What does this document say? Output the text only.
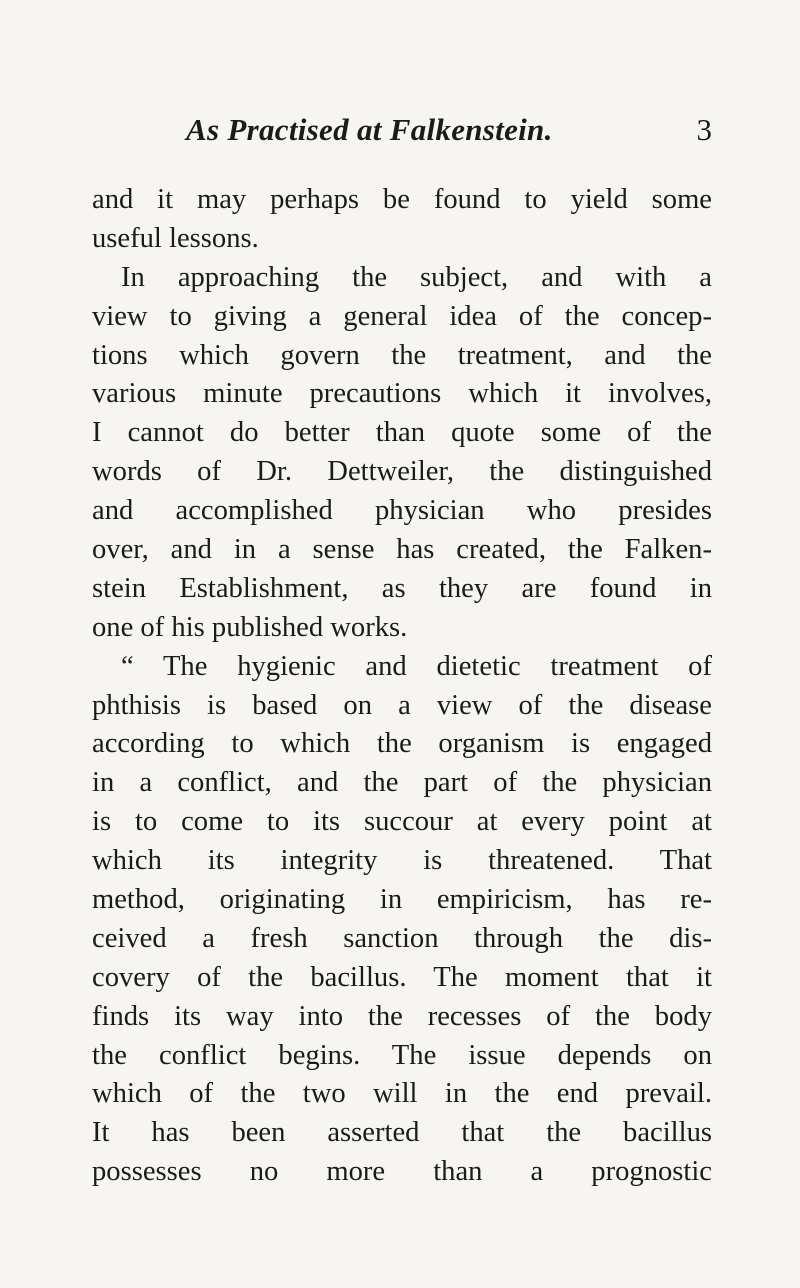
As Practised at Falkenstein.	3
and it may perhaps be found to yield some
useful lessons.
In approaching the subject, and with a
view to giving a general idea of the concep-
tions which govern the treatment, and the
various minute precautions which it involves,
I cannot do better than quote some of the
words of Dr. Dettweiler, the distinguished
and accomplished physician who presides
over, and in a sense has created, the Falken-
stein Establishment, as they are found in
one of his published works.
“ The hygienic and dietetic treatment of
phthisis is based on a view of the disease
according to which the organism is engaged
in a conflict, and the part of the physician
is to come to its succour at every point at
which its integrity is threatened. That
method, originating in empiricism, has re-
ceived a fresh sanction through the dis-
covery of the bacillus. The moment that it
finds its way into the recesses of the body
the conflict begins. The issue depends on
which of the two will in the end prevail.
It has been asserted that the bacillus
possesses no more than a prognostic
